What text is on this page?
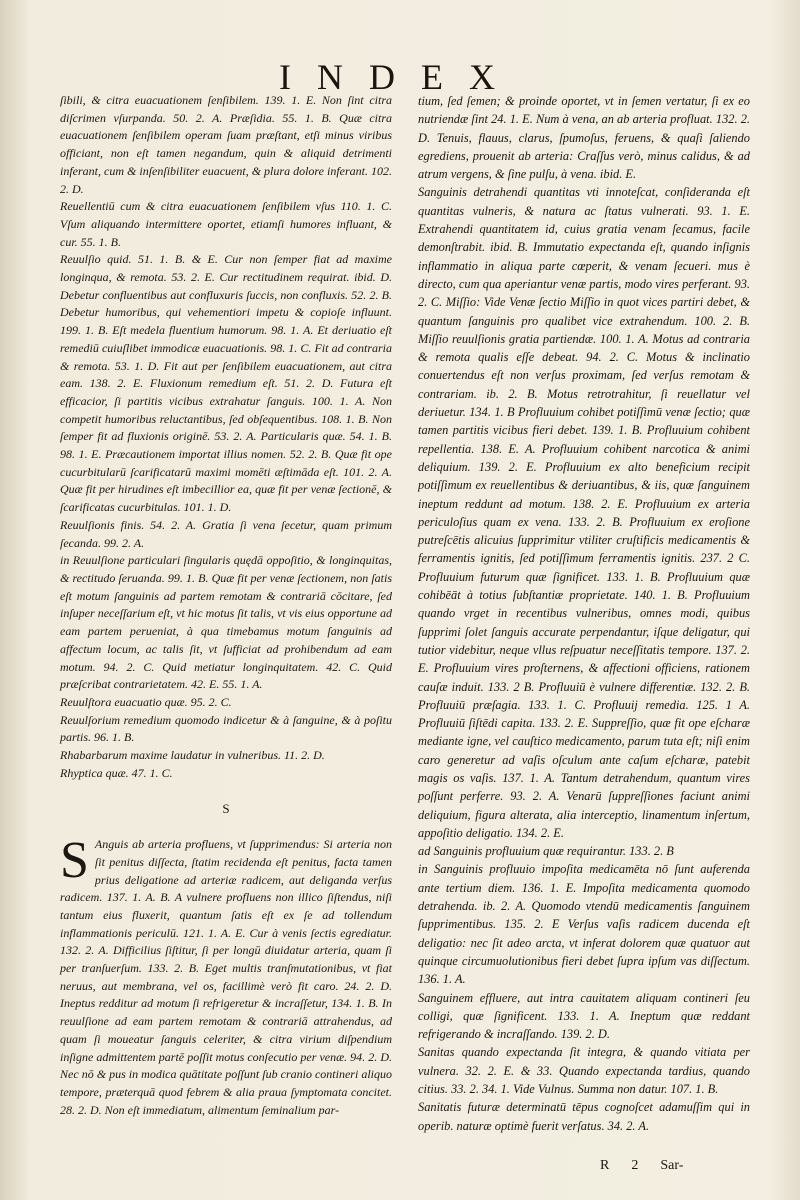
INDEX

ſibili, & citra euacuationem ſenſibilem. 139. 1. E. Non ſint citra diſcrimen vſurpanda. 50. 2. A. Præſidia. 55. 1. B. Quæ citra euacuationem ſenſibilem operam ſuam præſtant, etſi minus viribus officiant, non eſt tamen negandum, quin & aliquid detrimenti inferant, cum & inſenſibiliter euacuent, & plura dolore inferant. 102. 2. D.

Reuellentiū cum & citra euacuationem ſenſibilem vſus 110. 1. C. Vſum aliquando intermittere oportet, etiamſi humores influant, & cur. 55. 1. B.

Reuulſio quid. 51. 1. B. & E. Cur non ſemper fiat ad maxime longinqua, & remota. 53. 2. E. Cur rectitudinem requirat. ibid. D. Debetur confluentibus aut confluxuris ſuccis, non confluxis. 52. 2. B. Debetur humoribus, qui vehementiori impetu & copioſe influunt. 199. 1. B. Eſt medela fluentium humorum. 98. 1. A. Et deriuatio eſt remediū cuiuſlibet immodicæ euacuationis. 98. 1. C. Fit ad contraria & remota. 53. 1. D. Fit aut per ſenſibilem euacuationem, aut citra eam. 138. 2. E. Fluxionum remedium eſt. 51. 2. D. Futura eſt efficacior, ſi partitis vicibus extrahatur ſanguis. 100. 1. A. Non competit humoribus reluctantibus, ſed obſequentibus. 108. 1. B. Non ſemper fit ad fluxionis originē. 53. 2. A. Particularis quæ. 54. 1. B. 98. 1. E. Præcautionem importat illius nomen. 52. 2. B. Quæ fit ope cucurbitularū ſcarificatarū maximi momēti æſtimāda eſt. 101. 2. A. Quæ fit per hirudines eſt imbecillior ea, quæ fit per venæ ſectionē, & ſcarificatas cucurbitulas. 101. 1. D.

Reuulſionis finis. 54. 2. A. Gratia ſi vena ſecetur, quam primum ſecanda. 99. 2. A.

in Reuulſione particulari ſingularis quędā oppoſitio, & longinquitas, & rectitudo ſeruanda. 99. 1. B. Quæ fit per venæ ſectionem, non ſatis eſt motum ſanguinis ad partem remotam & contrariā cōcitare, ſed inſuper neceſſarium eſt, vt hic motus ſit talis, vt vis eius opportune ad eam partem perueniat, à qua timebamus motum ſanguinis ad affectum locum, ac talis ſit, vt ſufficiat ad prohibendum ad eam motum. 94. 2. C. Quid metiatur longinquitatem. 42. C. Quid præſcribat contrarietatem. 42. E. 55. 1. A.

Reuulſtora euacuatio quæ. 95. 2. C.

Reuulſorium remedium quomodo indicetur & à ſanguine, & à poſitu partis. 96. 1. B.

Rhabarbarum maxime laudatur in vulneribus. 11. 2. D.

Rhyptica quæ. 47. 1. C.

S

S Anguis ab arteria profluens, vt ſupprimendus: Si arteria non ſit penitus diſſecta, ſtatim recidenda eſt penitus, facta tamen prius deligatione ad arteriæ radicem, aut deliganda verſus radicem. 137. 1. A. B. A vulnere profluens non illico ſiſtendus, niſi tantum eius fluxerit, quantum ſatis eſt ex ſe ad tollendum inflammationis periculū. 121. 1. A. E. Cur à venis ſectis egrediatur. 132. 2. A. Difficilius ſiſtitur, ſi per longū diuidatur arteria, quam ſi per tranſuerſum. 133. 2. B. Eget multis tranſmutationibus, vt fiat neruus, aut membrana, vel os, facillimè verò fit caro. 24. 2. D. Ineptus redditur ad motum ſi refrigeretur & incraſſetur, 134. 1. B. In reuulſione ad eam partem remotam & contrariā attrahendus, ad quam ſi moueatur ſanguis celeriter, & citra virium diſpendium inſigne admittentem partē poſſit motus conſecutio per venæ. 94. 2. D. Nec nō & pus in modica quātitate poſſunt ſub cranio contineri aliquo tempore, præterquā quod febrem & alia praua ſymptomata concitet. 28. 2. D. Non eſt immediatum, alimentum ſeminalium par-

tium, ſed ſemen; & proinde oportet, vt in ſemen vertatur, ſi ex eo nutriendæ ſint 24. 1. E. Num à vena, an ab arteria profluat. 132. 2. D. Tenuis, flauus, clarus, ſpumoſus, feruens, & quaſi ſaliendo egrediens, prouenit ab arteria: Craſſus verò, minus calidus, & ad atrum vergens, & ſine pulſu, à vena. ibid. E.

Sanguinis detrahendi quantitas vti innoteſcat, conſideranda eſt quantitas vulneris, & natura ac ſtatus vulnerati. 93. 1. E. Extrahendi quantitatem id, cuius gratia venam ſecamus, facile demonſtrabit. ibid. B. Immutatio expectanda eſt, quando inſignis inflammatio in aliqua parte cœperit, & venam ſecueri. mus è directo, cum qua aperiantur venæ partis, modo vires perferant. 93. 2. C. Miſſio: Vide Venæ ſectio Miſſio in quot vices partiri debet, & quantum ſanguinis pro qualibet vice extrahendum. 100. 2. B. Miſſio reuulſionis gratia partiendæ. 100. 1. A. Motus ad contraria & remota qualis eſſe debeat. 94. 2. C. Motus & inclinatio conuertendus eſt non verſus proximam, ſed verſus remotam & contrariam. ib. 2. B. Motus retrotrahitur, ſi reuellatur vel deriuetur. 134. 1. B Profluuium cohibet potiſſimū venæ ſectio; quæ tamen partitis vicibus fieri debet. 139. 1. B. Profluuium cohibent repellentia. 138. E. A. Profluuium cohibent narcotica & animi deliquium. 139. 2. E. Profluuium ex alto beneficium recipit potiſſimum ex reuellentibus & deriuantibus, & iis, quæ ſanguinem ineptum reddunt ad motum. 138. 2. E. Profluuium ex arteria periculoſius quam ex vena. 133. 2. B. Profluuium ex eroſione putreſcētis alicuius ſupprimitur vtiliter cruſtificis medicamentis & ferramentis ignitis, ſed potiſſimum ferramentis ignitis. 237. 2 C. Profluuium futurum quæ ſignificet. 133. 1. B. Profluuium quæ cohibēāt à totius ſubſtantiæ proprietate. 140. 1. B. Profluuium quando vrget in recentibus vulneribus, omnes modi, quibus ſupprimi ſolet ſanguis accurate perpendantur, iſque deligatur, qui tutior videbitur, neque vllus reſpuatur neceſſitatis tempore. 137. 2. E. Profluuium vires proſternens, & affectioni officiens, rationem cauſæ induit. 133. 2 B. Profluuiū è vulnere differentiæ. 132. 2. B. Profluuiū præſagia. 133. 1. C. Profluuij remedia. 125. 1 A. Profluuiū ſiſtēdi capita. 133. 2. E. Suppreſſio, quæ fit ope eſcharæ mediante igne, vel cauſtico medicamento, parum tuta eſt; niſi enim caro generetur ad vaſis oſculum ante caſum eſcharæ, patebit magis os vaſis. 137. 1. A. Tantum detrahendum, quantum vires poſſunt perferre. 93. 2. A. Venarū ſuppreſſiones faciunt animi deliquium, figura alterata, alia interceptio, linamentum inſertum, appoſitio deligatio. 134. 2. E.

ad Sanguinis profluuium quæ requirantur. 133. 2. B

in Sanguinis profluuio impoſita medicamēta nō ſunt auferenda ante tertium diem. 136. 1. E. Impoſita medicamenta quomodo detrahenda. ib. 2. A. Quomodo vtendū medicamentis ſanguinem ſupprimentibus. 135. 2. E Verſus vaſis radicem ducenda eſt deligatio: nec ſit adeo arcta, vt inferat dolorem quæ quatuor aut quinque circumuolutionibus fieri debet ſupra ipſum vas diſſectum. 136. 1. A.

Sanguinem effluere, aut intra cauitatem aliquam contineri ſeu colligi, quæ ſignificent. 133. 1. A. Ineptum quæ reddant refrigerando & incraſſando. 139. 2. D.

Sanitas quando expectanda ſit integra, & quando vitiata per vulnera. 32. 2. E. & 33. Quando expectanda tardius, quando citius. 33. 2. 34. 1. Vide Vulnus. Summa non datur. 107. 1. B.

Sanitatis futuræ determinatū tēpus cognoſcet adamuſſim qui in operib. naturæ optimè fuerit verſatus. 34. 2. A.

R 2 Sar-
